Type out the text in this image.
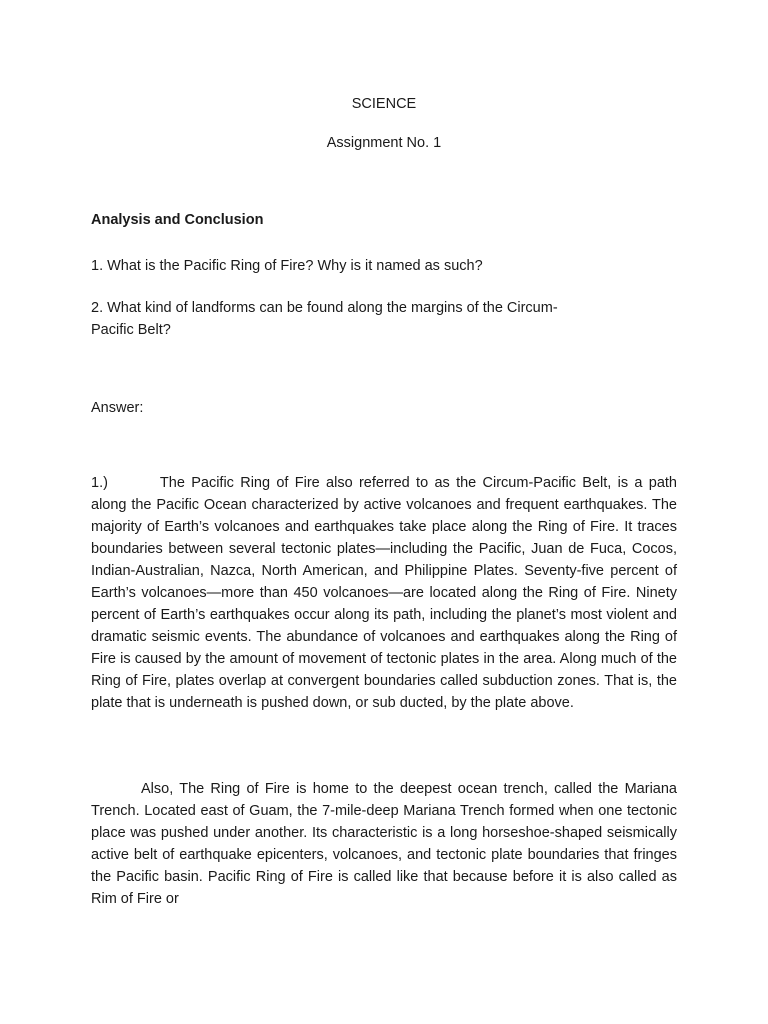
SCIENCE
Assignment No. 1
Analysis and Conclusion
1. What is the Pacific Ring of Fire? Why is it named as such?
2. What kind of landforms can be found along the margins of the Circum-Pacific Belt?
Answer:
1.)	The Pacific Ring of Fire also referred to as the Circum-Pacific Belt, is a path along the Pacific Ocean characterized by active volcanoes and frequent earthquakes. The majority of Earth’s volcanoes and earthquakes take place along the Ring of Fire. It traces boundaries between several tectonic plates—including the Pacific, Juan de Fuca, Cocos, Indian-Australian, Nazca, North American, and Philippine Plates. Seventy-five percent of Earth’s volcanoes—more than 450 volcanoes—are located along the Ring of Fire. Ninety percent of Earth’s earthquakes occur along its path, including the planet’s most violent and dramatic seismic events. The abundance of volcanoes and earthquakes along the Ring of Fire is caused by the amount of movement of tectonic plates in the area. Along much of the Ring of Fire, plates overlap at convergent boundaries called subduction zones. That is, the plate that is underneath is pushed down, or sub ducted, by the plate above.
Also, The Ring of Fire is home to the deepest ocean trench, called the Mariana Trench. Located east of Guam, the 7-mile-deep Mariana Trench formed when one tectonic place was pushed under another. Its characteristic is a long horseshoe-shaped seismically active belt of earthquake epicenters, volcanoes, and tectonic plate boundaries that fringes the Pacific basin. Pacific Ring of Fire is called like that because before it is also called as Rim of Fire or
